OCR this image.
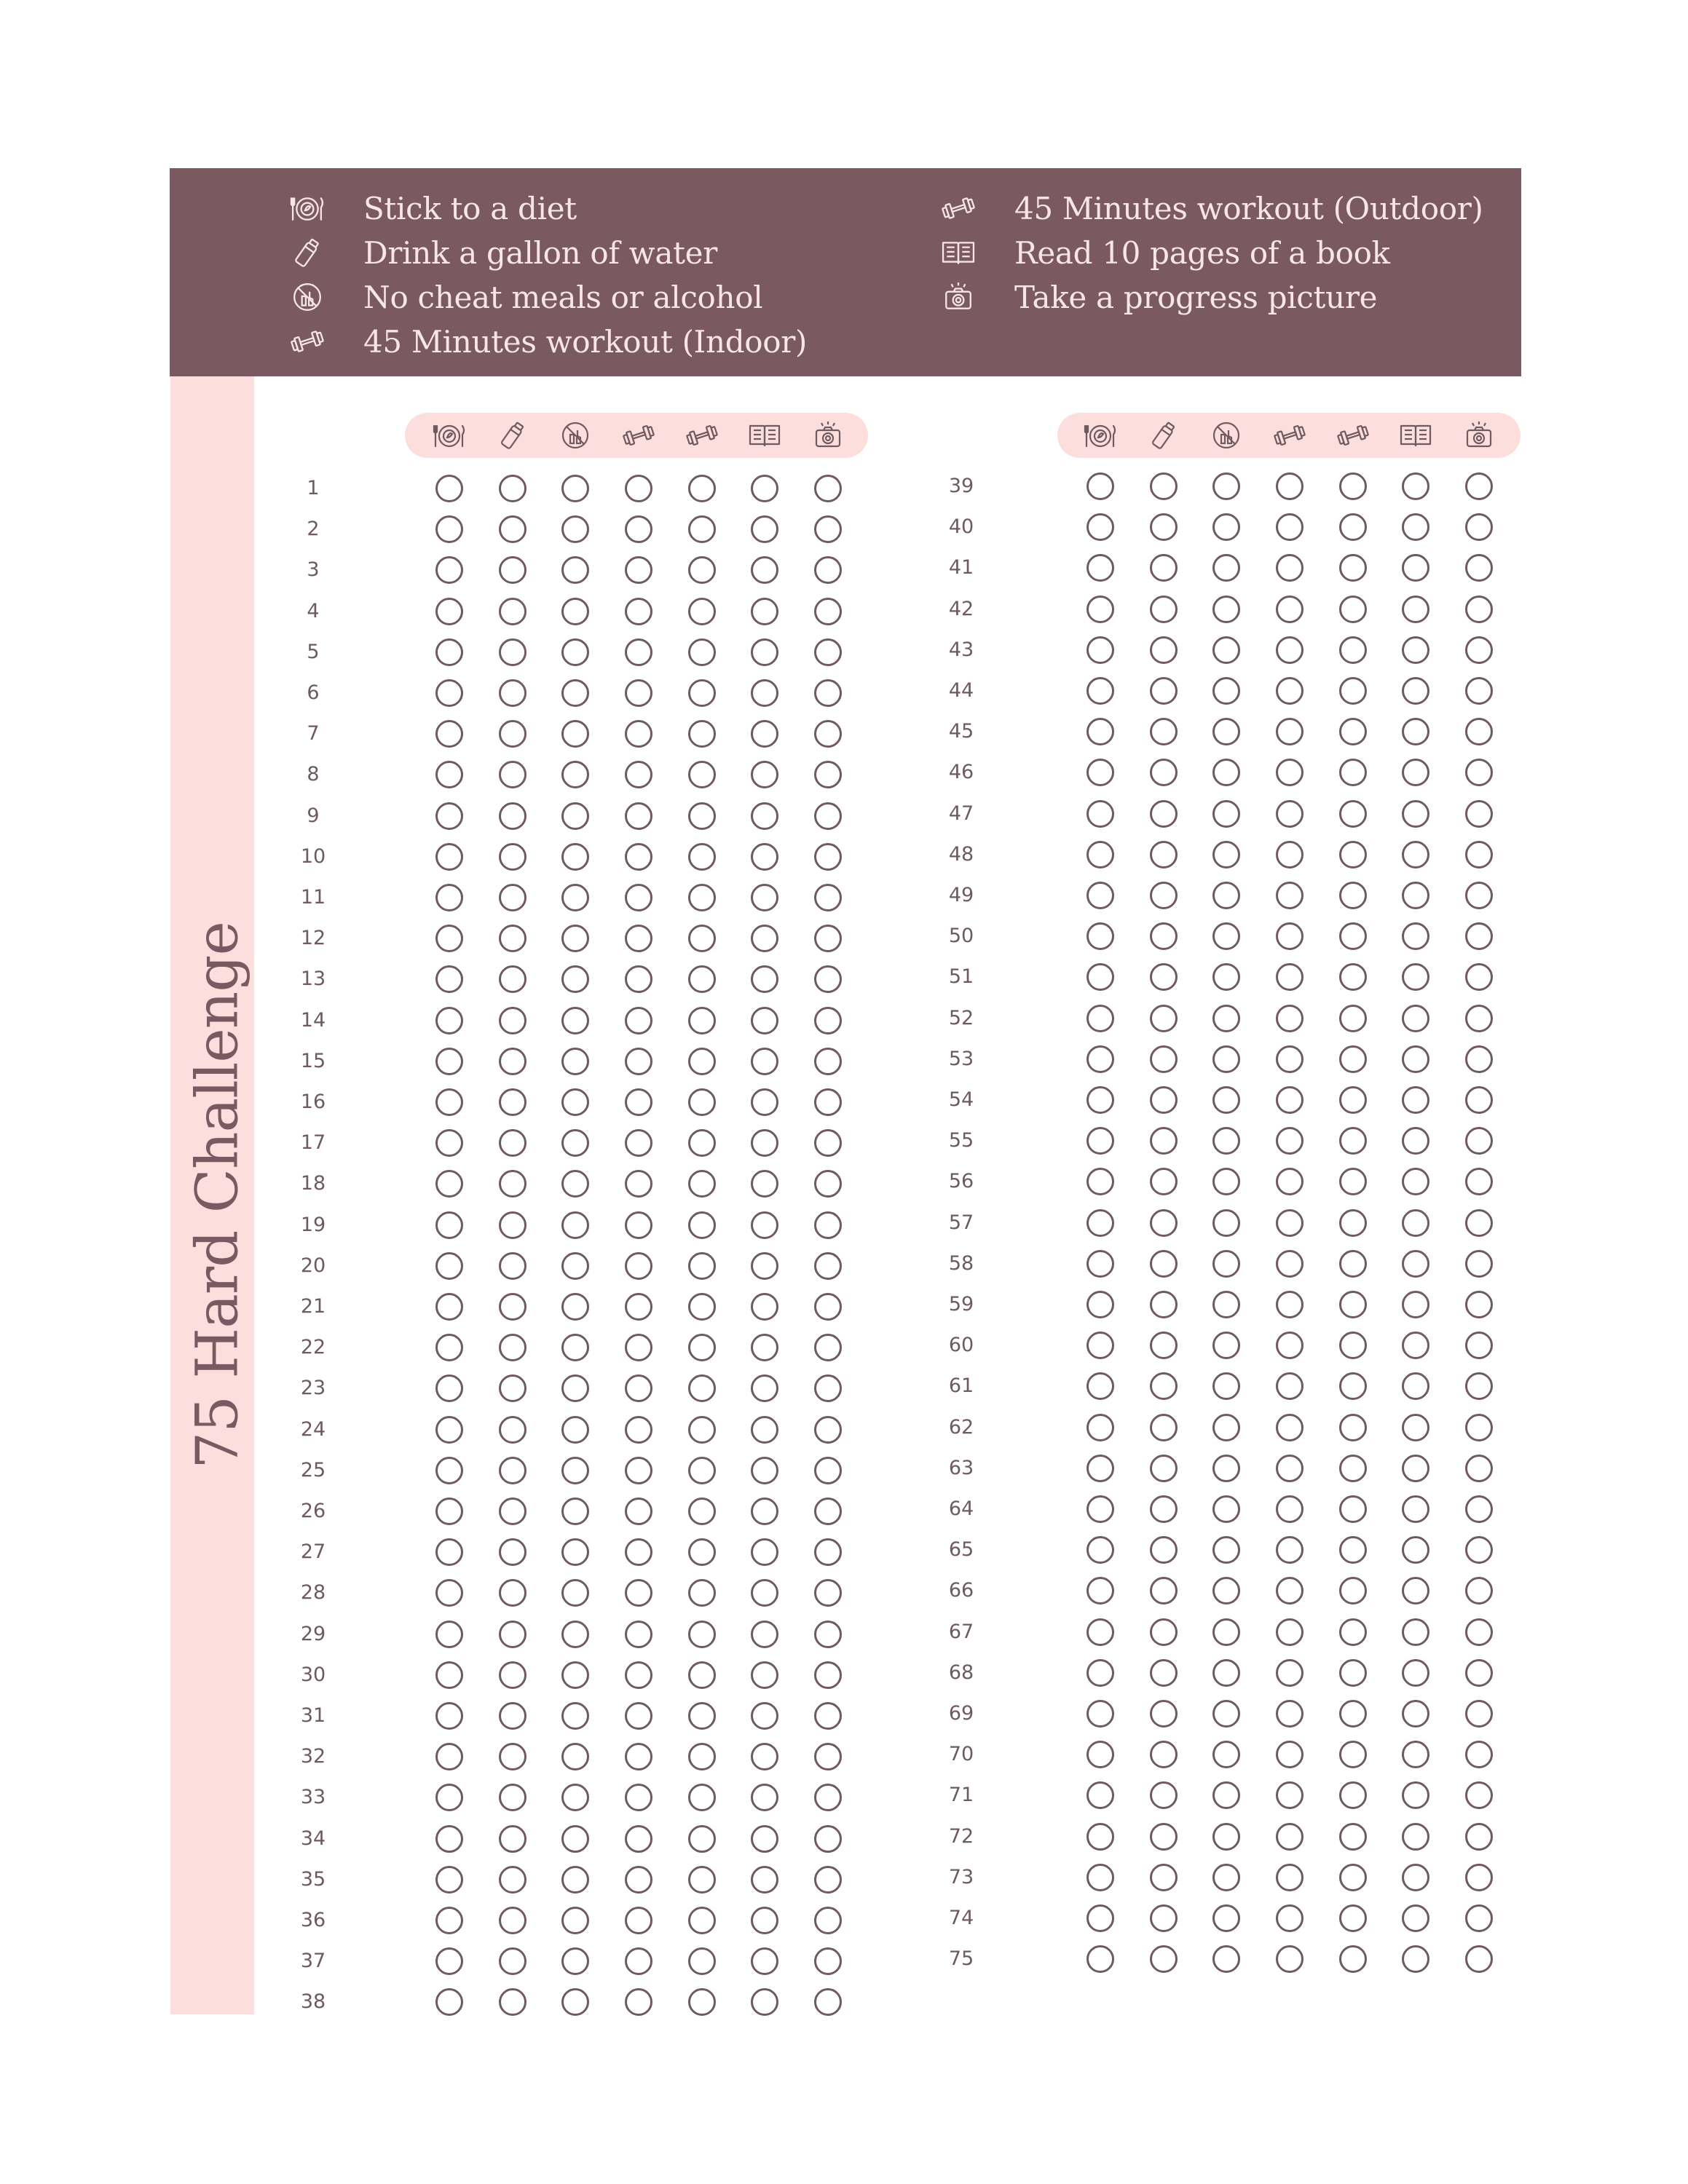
Stick to a diet
Drink a gallon of water
No cheat meals or alcohol
45 Minutes workout (Indoor)
45 Minutes workout (Outdoor)
Read 10 pages of a book
Take a progress picture
75 Hard Challenge
1
2
3
4
5
6
7
8
9
10
11
12
13
14
15
16
17
18
19
20
21
22
23
24
25
26
27
28
29
30
31
32
33
34
35
36
37
38
39
40
41
42
43
44
45
46
47
48
49
50
51
52
53
54
55
56
57
58
59
60
61
62
63
64
65
66
67
68
69
70
71
72
73
74
75
